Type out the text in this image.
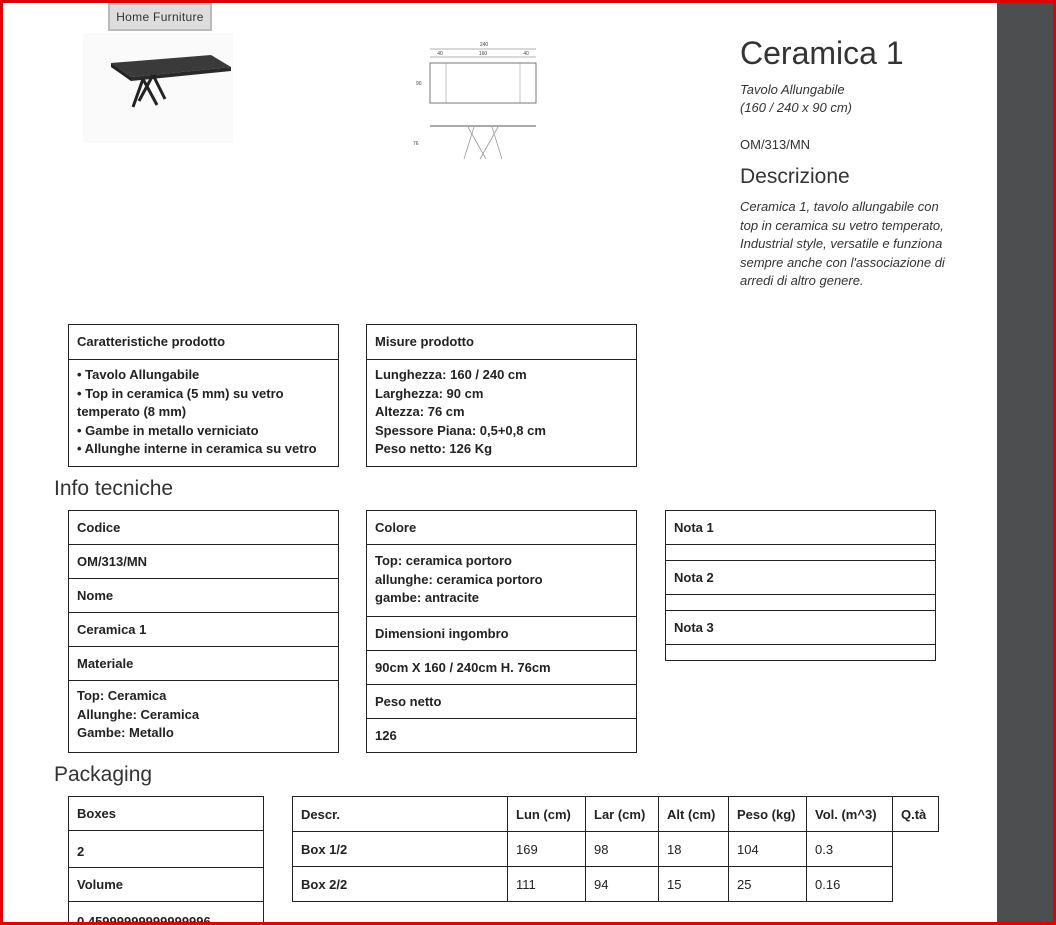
Home Furniture
240
40	160	40
90
76
Ceramica 1
Tavolo Allungabile
(160 / 240 x 90 cm)
OM/313/MN
Descrizione
Ceramica 1, tavolo allungabile con top in ceramica su vetro temperato, Industrial style, versatile e funziona sempre anche con l'associazione di arredi di altro genere.
Caratteristiche prodotto
• Tavolo Allungabile
• Top in ceramica (5 mm) su vetro
temperato (8 mm)
• Gambe in metallo verniciato
• Allunghe interne in ceramica su vetro
Misure prodotto
Lunghezza: 160 / 240 cm
Larghezza: 90 cm
Altezza: 76 cm
Spessore Piana: 0,5+0,8 cm
Peso netto: 126 Kg
Info tecniche
Codice
OM/313/MN
Nome
Ceramica 1
Materiale
Top: Ceramica
Allunghe: Ceramica
Gambe: Metallo
Colore
Top: ceramica portoro
allunghe: ceramica portoro
gambe: antracite
Dimensioni ingombro
90cm X 160 / 240cm H. 76cm
Peso netto
126
Nota 1
Nota 2
Nota 3
Packaging
Boxes
2
Volume
0.45999999999999996
Descr.	Lun (cm)	Lar (cm)	Alt (cm)	Peso (kg)	Vol. (m^3)	Q.tà
Box 1/2	169	98	18	104	0.3	
Box 2/2	111	94	15	25	0.16	
